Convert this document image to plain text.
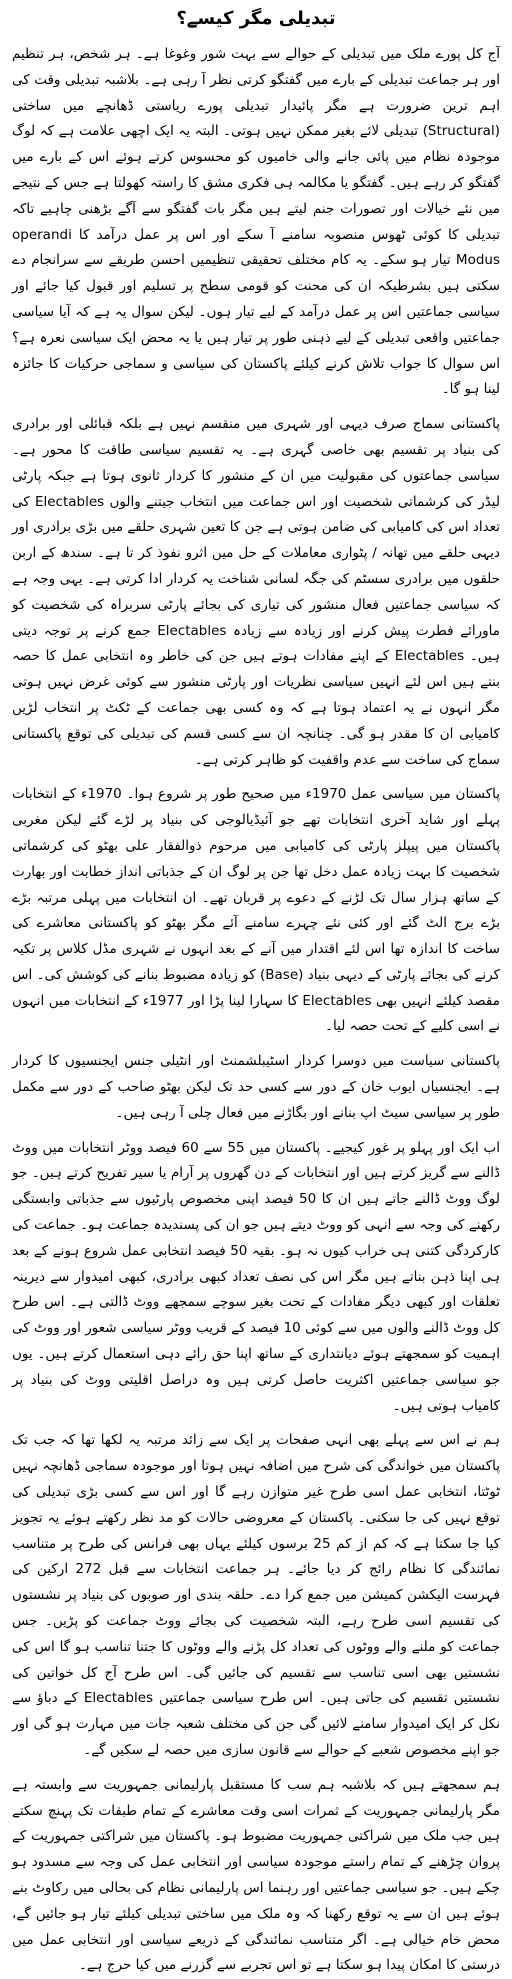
تبدیلی مگر کیسے؟

آج کل پورے ملک میں تبدیلی کے حوالے سے بہت شور وغوغا ہے۔ ہر شخص، ہر تنظیم اور ہر جماعت تبدیلی کے بارے میں گفتگو کرتی نظر آ رہی ہے۔ بلاشبہ تبدیلی وقت کی اہم ترین ضرورت ہے مگر پائیدار تبدیلی پورے ریاستی ڈھانچے میں ساختی (Structural) تبدیلی لائے بغیر ممکن نہیں ہوتی۔ البتہ یہ ایک اچھی علامت ہے کہ لوگ موجودہ نظام میں پائی جانے والی خامیوں کو محسوس کرتے ہوئے اس کے بارے میں گفتگو کر رہے ہیں۔ گفتگو یا مکالمہ ہی فکری مشق کا راستہ کھولتا ہے جس کے نتیجے میں نئے خیالات اور تصورات جنم لیتے ہیں مگر بات گفتگو سے آگے بڑھنی چاہیے تاکہ تبدیلی کا کوئی ٹھوس منصوبہ سامنے آ سکے اور اس پر عمل درآمد کا operandi Modus تیار ہو سکے۔ یہ کام مختلف تحقیقی تنظیمیں احسن طریقے سے سرانجام دے سکتی ہیں بشرطیکہ ان کی محنت کو قومی سطح پر تسلیم اور قبول کیا جائے اور سیاسی جماعتیں اس پر عمل درآمد کے لیے تیار ہوں۔ لیکن سوال یہ ہے کہ آیا سیاسی جماعتیں واقعی تبدیلی کے لیے ذہنی طور پر تیار ہیں یا یہ محض ایک سیاسی نعرہ ہے؟ اس سوال کا جواب تلاش کرنے کیلئے پاکستان کی سیاسی و سماجی حرکیات کا جائزہ لینا ہو گا۔

پاکستانی سماج صرف دیہی اور شہری میں منقسم نہیں ہے بلکہ قبائلی اور برادری کی بنیاد پر تقسیم بھی خاصی گہری ہے۔ یہ تقسیم سیاسی طاقت کا محور ہے۔ سیاسی جماعتوں کی مقبولیت میں ان کے منشور کا کردار ثانوی ہوتا ہے جبکہ پارٹی لیڈر کی کرشماتی شخصیت اور اس جماعت میں انتخاب جیتنے والوں Electables کی تعداد اس کی کامیابی کی ضامن ہوتی ہے جن کا تعین شہری حلقے میں بڑی برادری اور دیہی حلقے میں تھانہ / پٹواری معاملات کے حل میں اثرو نفوذ کر تا ہے۔ سندھ کے اربن حلقوں میں برادری سسٹم کی جگہ لسانی شناخت یہ کردار ادا کرتی ہے۔ یہی وجہ ہے کہ سیاسی جماعتیں فعال منشور کی تیاری کی بجائے پارٹی سربراہ کی شخصیت کو ماورائے فطرت پیش کرنے اور زیادہ سے زیادہ Electables جمع کرنے پر توجہ دیتی ہیں۔ Electables کے اپنے مفادات ہوتے ہیں جن کی خاطر وہ انتخابی عمل کا حصہ بنتے ہیں اس لئے انہیں سیاسی نظریات اور پارٹی منشور سے کوئی غرض نہیں ہوتی مگر انہوں نے یہ اعتماد ہوتا ہے کہ وہ کسی بھی جماعت کے ٹکٹ پر انتخاب لڑیں کامیابی ان کا مقدر ہو گی۔ چنانچہ ان سے کسی قسم کی تبدیلی کی توقع پاکستانی سماج کی ساخت سے عدم واقفیت کو ظاہر کرتی ہے۔

پاکستان میں سیاسی عمل 1970ء میں صحیح طور پر شروع ہوا۔ 1970ء کے انتخابات پہلے اور شاید آخری انتخابات تھے جو آئیڈیالوجی کی بنیاد پر لڑے گئے لیکن مغربی پاکستان میں پیپلز پارٹی کی کامیابی میں مرحوم ذوالفقار علی بھٹو کی کرشماتی شخصیت کا بہت زیادہ عمل دخل تھا جن پر لوگ ان کے جذباتی انداز خطابت اور بھارت کے ساتھ ہزار سال تک لڑنے کے دعوے پر قربان تھے۔ ان انتخابات میں پہلی مرتبہ بڑے بڑے برج الٹ گئے اور کئی نئے چہرے سامنے آئے مگر بھٹو کو پاکستانی معاشرے کی ساخت کا اندازہ تھا اس لئے اقتدار میں آنے کے بعد انہوں نے شہری مڈل کلاس پر تکیہ کرنے کی بجائے پارٹی کے دیہی بنیاد (Base) کو زیادہ مضبوط بنانے کی کوشش کی۔ اس مقصد کیلئے انہیں بھی Electables کا سہارا لینا پڑا اور 1977ء کے انتخابات میں انہوں نے اسی کلیے کے تحت حصہ لیا۔

پاکستانی سیاست میں دوسرا کردار اسٹیبلشمنٹ اور انٹیلی جنس ایجنسیوں کا کردار ہے۔ ایجنسیاں ایوب خان کے دور سے کسی حد تک لیکن بھٹو صاحب کے دور سے مکمل طور پر سیاسی سیٹ اپ بنانے اور بگاڑنے میں فعال چلی آ رہی ہیں۔

اب ایک اور پہلو پر غور کیجیے۔ پاکستان میں 55 سے 60 فیصد ووٹر انتخابات میں ووٹ ڈالنے سے گریز کرتے ہیں اور انتخابات کے دن گھروں پر آرام یا سیر تفریح کرتے ہیں۔ جو لوگ ووٹ ڈالنے جاتے ہیں ان کا 50 فیصد اپنی مخصوص پارٹیوں سے جذباتی وابستگی رکھنے کی وجہ سے انہی کو ووٹ دیتے ہیں جو ان کی پسندیدہ جماعت ہو۔ جماعت کی کارکردگی کتنی ہی خراب کیوں نہ ہو۔ بقیہ 50 فیصد انتخابی عمل شروع ہونے کے بعد ہی اپنا ذہن بناتے ہیں مگر اس کی نصف تعداد کبھی برادری، کبھی امیدوار سے دیرینہ تعلقات اور کبھی دیگر مفادات کے تحت بغیر سوچے سمجھے ووٹ ڈالتی ہے۔ اس طرح کل ووٹ ڈالنے والوں میں سے کوئی 10 فیصد کے قریب ووٹر سیاسی شعور اور ووٹ کی اہمیت کو سمجھتے ہوئے دیانتداری کے ساتھ اپنا حق رائے دہی استعمال کرتے ہیں۔ یوں جو سیاسی جماعتیں اکثریت حاصل کرتی ہیں وہ دراصل اقلیتی ووٹ کی بنیاد پر کامیاب ہوتی ہیں۔

ہم نے اس سے پہلے بھی انہی صفحات پر ایک سے زائد مرتبہ یہ لکھا تھا کہ جب تک پاکستان میں خواندگی کی شرح میں اضافہ نہیں ہوتا اور موجودہ سماجی ڈھانچہ نہیں ٹوٹتا، انتخابی عمل اسی طرح غیر متوازن رہے گا اور اس سے کسی بڑی تبدیلی کی توقع نہیں کی جا سکتی۔ پاکستان کے معروضی حالات کو مد نظر رکھتے ہوئے یہ تجویز کیا جا سکتا ہے کہ کم از کم 25 برسوں کیلئے یہاں بھی فرانس کی طرح پر متناسب نمائندگی کا نظام رائج کر دیا جائے۔ ہر جماعت انتخابات سے قبل 272 ارکین کی فہرست الیکشن کمیشن میں جمع کرا دے۔ حلقہ بندی اور صوبوں کی بنیاد پر نشستوں کی تقسیم اسی طرح رہے، البتہ شخصیت کی بجائے ووٹ جماعت کو پڑیں۔ جس جماعت کو ملنے والے ووٹوں کی تعداد کل پڑنے والے ووٹوں کا جتنا تناسب ہو گا اس کی نشستیں بھی اسی تناسب سے تقسیم کی جائیں گی۔ اس طرح آج کل خواتین کی نشستیں تقسیم کی جاتی ہیں۔ اس طرح سیاسی جماعتیں Electables کے دباؤ سے نکل کر ایک امیدوار سامنے لائیں گی جن کی مختلف شعبہ جات میں مہارت ہو گی اور جو اپنے مخصوص شعبے کے حوالے سے قانون سازی میں حصہ لے سکیں گے۔

ہم سمجھتے ہیں کہ بلاشبہ ہم سب کا مستقبل پارلیمانی جمہوریت سے وابستہ ہے مگر پارلیمانی جمہوریت کے ثمرات اسی وقت معاشرے کے تمام طبقات تک پہنچ سکتے ہیں جب ملک میں شراکتی جمہوریت مضبوط ہو۔ پاکستان میں شراکتی جمہوریت کے پروان چڑھنے کے تمام راستے موجودہ سیاسی اور انتخابی عمل کی وجہ سے مسدود ہو چکے ہیں۔ جو سیاسی جماعتیں اور رہنما اس پارلیمانی نظام کی بحالی میں رکاوٹ بنے ہوئے ہیں ان سے یہ توقع رکھنا کہ وہ ملک میں ساختی تبدیلی کیلئے تیار ہو جائیں گے، محض خام خیالی ہے۔ اگر متناسب نمائندگی کے ذریعے سیاسی اور انتخابی عمل میں درستی کا امکان پیدا ہو سکتا ہے تو اس تجربے سے گزرنے میں کیا حرج ہے۔
